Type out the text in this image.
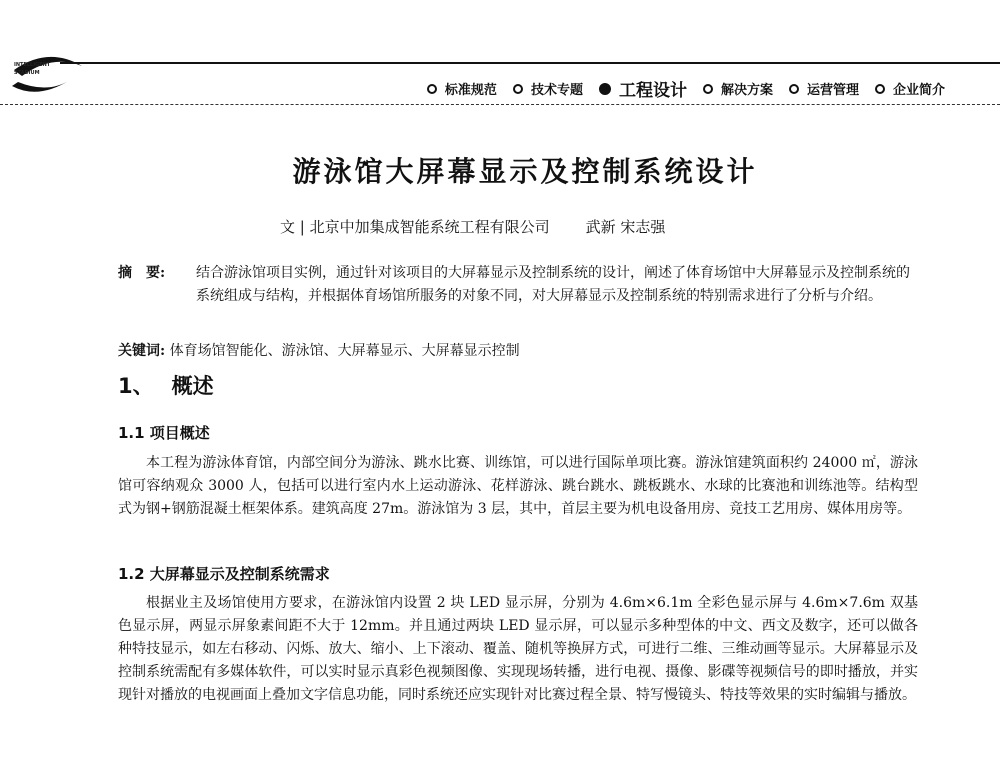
INTELLIGENT
STADIUM
标准规范	技术专题 工程设计	解决方案	运营管理	企业简介
游泳馆大屏幕显示及控制系统设计
文 | 北京中加集成智能系统工程有限公司 武新 宋志强
摘　要:	结合游泳馆项目实例，通过针对该项目的大屏幕显示及控制系统的设计，阐述了体育场馆中大屏幕显示及控制系统的系统组成与结构，并根据体育场馆所服务的对象不同，对大屏幕显示及控制系统的特别需求进行了分析与介绍。
关键词: 体育场馆智能化、游泳馆、大屏幕显示、大屏幕显示控制
1、 概述
1.1 项目概述

本工程为游泳体育馆，内部空间分为游泳、跳水比赛、训练馆，可以进行国际单项比赛。游泳馆建筑面积约 24000 ㎡，游泳馆可容纳观众 3000 人，包括可以进行室内水上运动游泳、花样游泳、跳台跳水、跳板跳水、水球的比赛池和训练池等。结构型式为钢+钢筋混凝土框架体系。建筑高度 27m。游泳馆为 3 层，其中，首层主要为机电设备用房、竞技工艺用房、媒体用房等。

1.2 大屏幕显示及控制系统需求

根据业主及场馆使用方要求，在游泳馆内设置 2 块 LED 显示屏，分别为 4.6m×6.1m 全彩色显示屏与 4.6m×7.6m 双基色显示屏，两显示屏象素间距不大于 12mm。并且通过两块 LED 显示屏，可以显示多种型体的中文、西文及数字，还可以做各种特技显示，如左右移动、闪烁、放大、缩小、上下滚动、覆盖、随机等换屏方式，可进行二维、三维动画等显示。大屏幕显示及控制系统需配有多媒体软件，可以实时显示真彩色视频图像、实现现场转播，进行电视、摄像、影碟等视频信号的即时播放，并实现针对播放的电视画面上叠加文字信息功能，同时系统还应实现针对比赛过程全景、特写慢镜头、特技等效果的实时编辑与播放。
